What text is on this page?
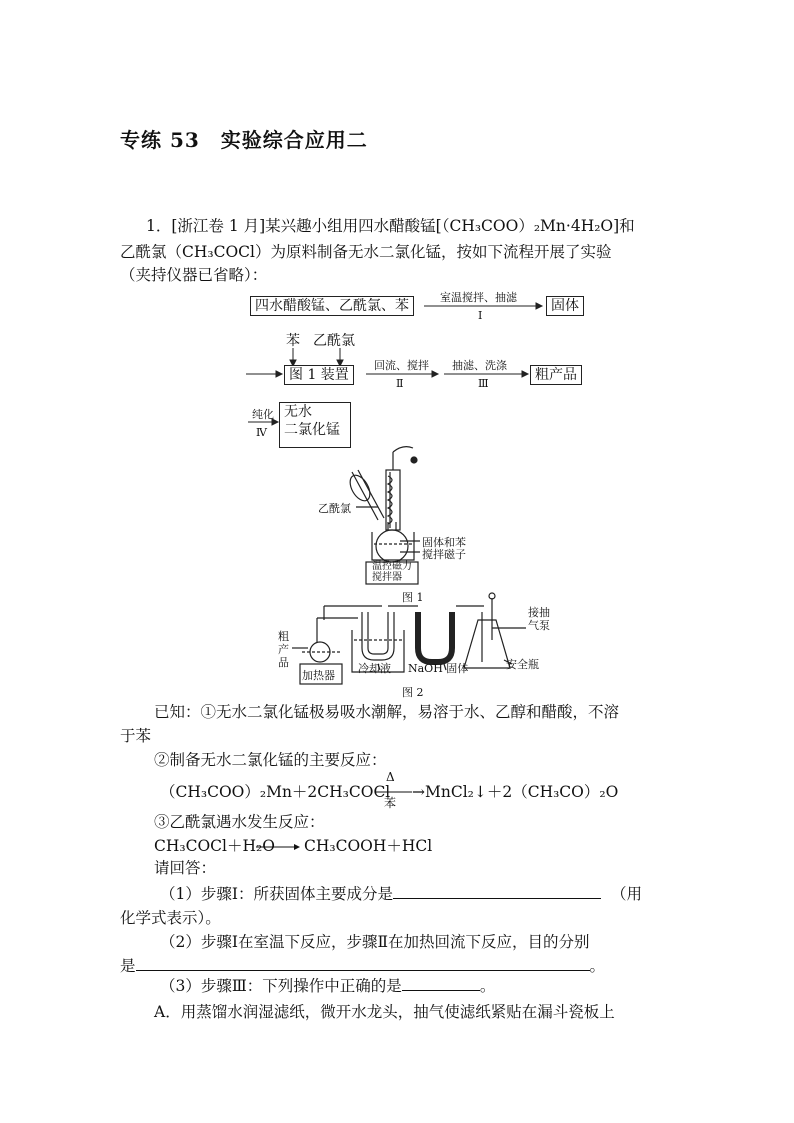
专练 53　实验综合应用二
1．[浙江卷 1 月]某兴趣小组用四水醋酸锰[（CH₃COO）₂Mn·4H₂O]和
乙酰氯（CH₃COCl）为原料制备无水二氯化锰，按如下流程开展了实验
（夹持仪器已省略）：
四水醋酸锰、乙酰氯、苯
室温搅拌、抽滤
Ⅰ
固体
苯 乙酰氯
图 1 装置
回流、搅拌
Ⅱ
抽滤、洗涤
Ⅲ
粗产品
纯化
Ⅳ
无水
二氯化锰
乙酰氯
固体和苯
搅拌磁子
温控磁力
搅拌器
图 1
粗
产
品
加热器
冷却液 NaOH 固体	安全瓶
接抽
气泵
图 2
已知：①无水二氯化锰极易吸水潮解，易溶于水、乙醇和醋酸，不溶
于苯
②制备无水二氯化锰的主要反应：
（CH₃COO）₂Mn＋2CH₃COCl
Δ
苯
→MnCl₂↓＋2（CH₃CO）₂O
③乙酰氯遇水发生反应：
CH₃COCl＋H₂O CH₃COOH＋HCl
请回答：
（1）步骤Ⅰ：所获固体主要成分是	（用
化学式表示）。
（2）步骤Ⅰ在室温下反应，步骤Ⅱ在加热回流下反应，目的分别
是	。
（3）步骤Ⅲ：下列操作中正确的是	。
A．用蒸馏水润湿滤纸，微开水龙头，抽气使滤纸紧贴在漏斗瓷板上
